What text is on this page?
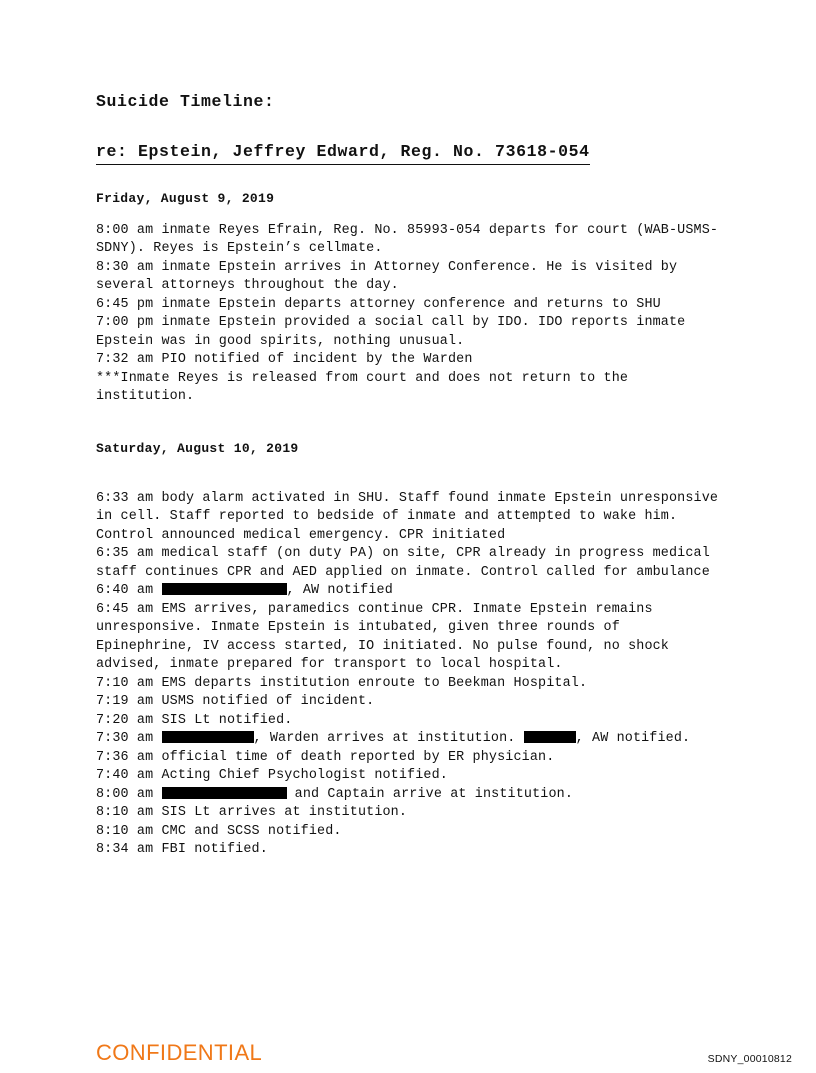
Suicide Timeline:
re: Epstein, Jeffrey Edward, Reg. No. 73618-054
Friday, August 9, 2019

8:00 am inmate Reyes Efrain, Reg. No. 85993-054 departs for court (WAB-USMS-SDNY). Reyes is Epstein’s cellmate.

8:30 am inmate Epstein arrives in Attorney Conference. He is visited by several attorneys throughout the day.

6:45 pm inmate Epstein departs attorney conference and returns to SHU

7:00 pm inmate Epstein provided a social call by IDO. IDO reports inmate Epstein was in good spirits, nothing unusual.

7:32 am PIO notified of incident by the Warden

***Inmate Reyes is released from court and does not return to the institution.

Saturday, August 10, 2019

6:33 am body alarm activated in SHU. Staff found inmate Epstein unresponsive in cell. Staff reported to bedside of inmate and attempted to wake him. Control announced medical emergency. CPR initiated

6:35 am medical staff (on duty PA) on site, CPR already in progress medical staff continues CPR and AED applied on inmate. Control called for ambulance

6:40 am	, AW notified

6:45 am EMS arrives, paramedics continue CPR. Inmate Epstein remains unresponsive. Inmate Epstein is intubated, given three rounds of Epinephrine, IV access started, IO initiated. No pulse found, no shock advised, inmate prepared for transport to local hospital.

7:10 am EMS departs institution enroute to Beekman Hospital.

7:19 am USMS notified of incident.

7:20 am SIS Lt notified.

7:30 am	, Warden arrives at institution.	, AW notified.

7:36 am official time of death reported by ER physician.

7:40 am Acting Chief Psychologist notified.

8:00 am	and Captain arrive at institution.

8:10 am SIS Lt arrives at institution.

8:10 am CMC and SCSS notified.

8:34 am FBI notified.

CONFIDENTIAL	SDNY_00010812
